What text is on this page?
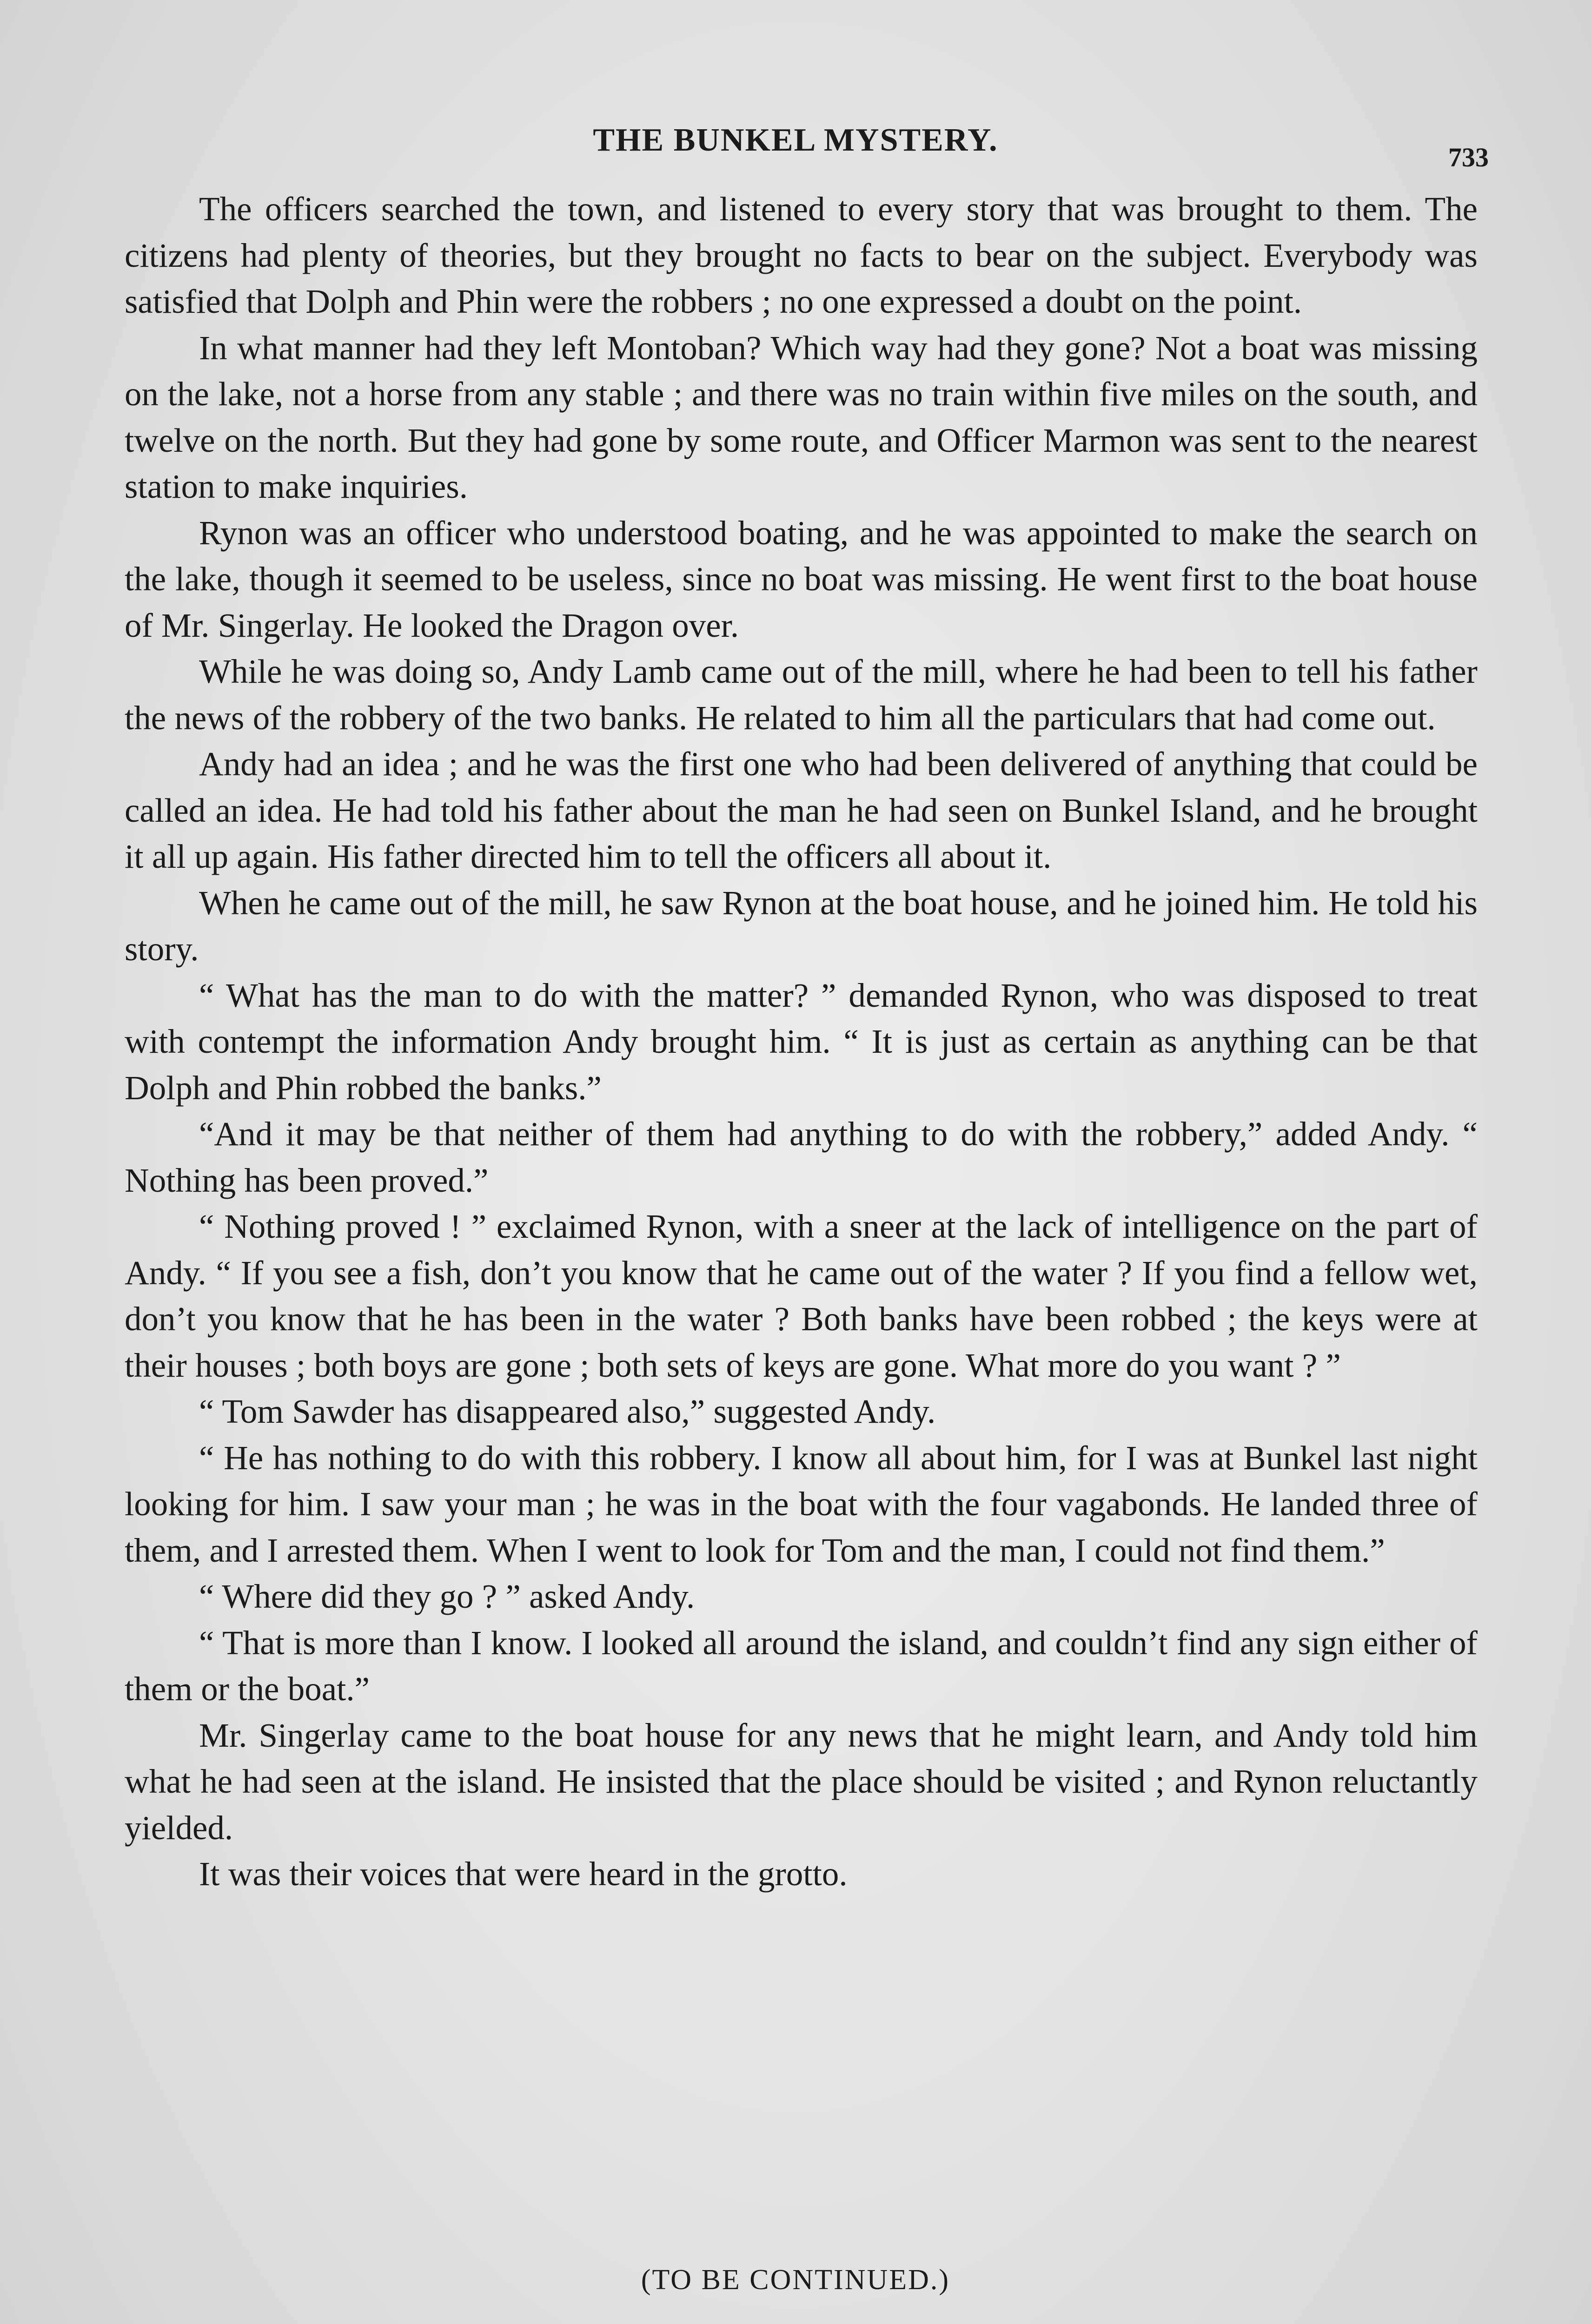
THE BUNKEL MYSTERY.	733

The officers searched the town, and listened to every story that was brought to them. The citizens had plenty of theories, but they brought no facts to bear on the subject. Everybody was satisfied that Dolph and Phin were the robbers ; no one expressed a doubt on the point.

In what manner had they left Montoban? Which way had they gone? Not a boat was missing on the lake, not a horse from any stable ; and there was no train within five miles on the south, and twelve on the north. But they had gone by some route, and Officer Marmon was sent to the nearest station to make inquiries.

Rynon was an officer who understood boating, and he was appointed to make the search on the lake, though it seemed to be useless, since no boat was missing. He went first to the boat house of Mr. Singerlay. He looked the Dragon over.

While he was doing so, Andy Lamb came out of the mill, where he had been to tell his father the news of the robbery of the two banks. He related to him all the particulars that had come out.

Andy had an idea ; and he was the first one who had been delivered of anything that could be called an idea. He had told his father about the man he had seen on Bunkel Island, and he brought it all up again. His father directed him to tell the officers all about it.

When he came out of the mill, he saw Rynon at the boat house, and he joined him. He told his story.

“ What has the man to do with the matter? ” demanded Rynon, who was disposed to treat with contempt the information Andy brought him. “ It is just as certain as anything can be that Dolph and Phin robbed the banks.”

“And it may be that neither of them had anything to do with the robbery,” added Andy. “ Nothing has been proved.”

“ Nothing proved ! ” exclaimed Rynon, with a sneer at the lack of intelligence on the part of Andy. “ If you see a fish, don’t you know that he came out of the water ? If you find a fellow wet, don’t you know that he has been in the water ? Both banks have been robbed ; the keys were at their houses ; both boys are gone ; both sets of keys are gone. What more do you want ? ”

“ Tom Sawder has disappeared also,” suggested Andy.

“ He has nothing to do with this robbery. I know all about him, for I was at Bunkel last night looking for him. I saw your man ; he was in the boat with the four vagabonds. He landed three of them, and I arrested them. When I went to look for Tom and the man, I could not find them.”

“ Where did they go ? ” asked Andy.

“ That is more than I know. I looked all around the island, and couldn’t find any sign either of them or the boat.”

Mr. Singerlay came to the boat house for any news that he might learn, and Andy told him what he had seen at the island. He insisted that the place should be visited ; and Rynon reluctantly yielded.

It was their voices that were heard in the grotto.

(TO BE CONTINUED.)
